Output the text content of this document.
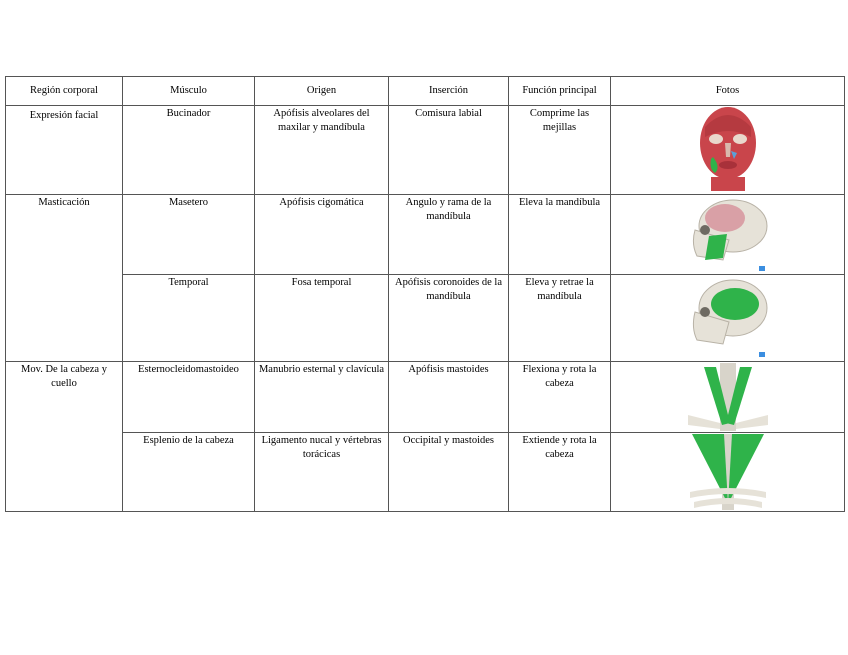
Región corporal	Músculo	Origen	Inserción	Función principal	Fotos
Expresión facial	Bucinador	Apófisis alveolares del maxilar y mandíbula	Comisura labial	Comprime las mejillas	

Masticación	Masetero	Apófisis cigomática	Angulo y rama de la mandíbula	Eleva la mandíbula	

	Temporal	Fosa temporal	Apófisis coronoides de la mandíbula	Eleva y retrae la mandíbula	

Mov. De la cabeza y cuello	Esternocleidomastoideo	Manubrio esternal y clavícula	Apófisis mastoides	Flexiona y rota la cabeza	

	Esplenio de la cabeza	Ligamento nucal y vértebras torácicas	Occipital y mastoides	Extiende y rota la cabeza	
